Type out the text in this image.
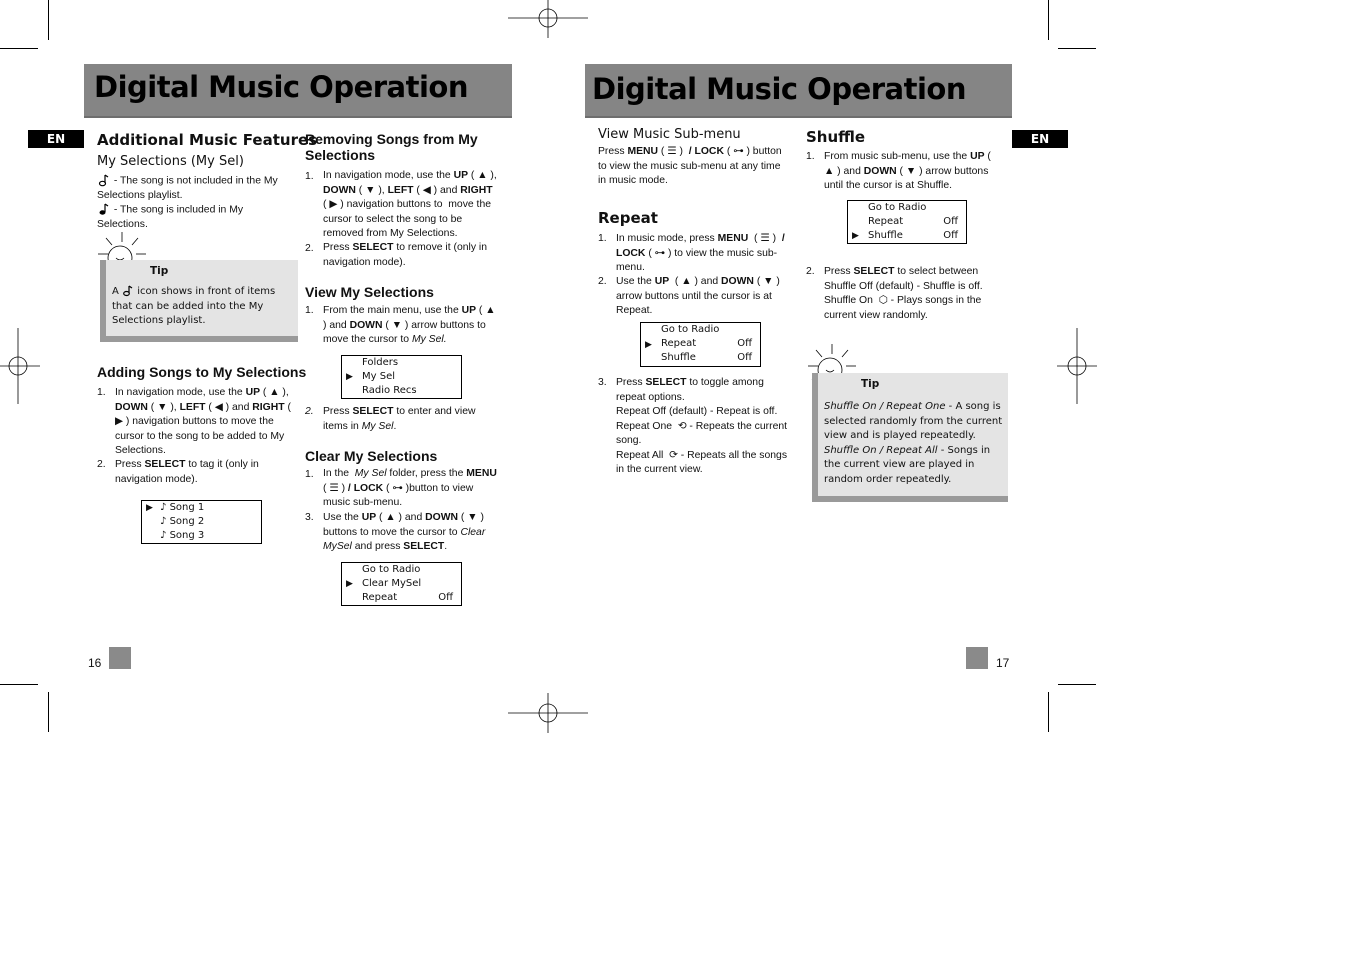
Digital Music Operation
EN	Additional Music Features
My Selections (My Sel)
- The song is not included in the My Selections playlist.
- The song is included in My Selections.
Tip
A  icon shows in front of items that can be added into the My Selections playlist.
Adding Songs to My Selections
1. In navigation mode, use the UP ( ▲ ), DOWN ( ▼ ), LEFT ( ◀ ) and RIGHT ( ▶ ) navigation buttons to move the cursor to the song to be added to My Selections.
2. Press SELECT to tag it (only in navigation mode).
▶ ♪ Song 1
♪ Song 2
♪ Song 3
Removing Songs from My Selections
1. In navigation mode, use the UP ( ▲ ), DOWN ( ▼ ), LEFT ( ◀ ) and RIGHT ( ▶ ) navigation buttons to  move the cursor to select the song to be removed from My Selections.
2. Press SELECT to remove it (only in navigation mode).
View My Selections
1. From the main menu, use the UP ( ▲ ) and DOWN ( ▼ ) arrow buttons to move the cursor to My Sel.
▶
Folders
My Sel
Radio Recs
2. Press SELECT to enter and view items in My Sel.
Clear My Selections
1. In the  My Sel folder, press the MENU ( ☰ ) / LOCK ( ⊶ )button to view music sub-menu.
3. Use the UP ( ▲ ) and DOWN ( ▼ ) buttons to move the cursor to Clear MySel and press SELECT.
▶
Go to Radio
Clear MySel
Repeat	Off
16
Digital Music Operation
EN
View Music Sub-menu
Press MENU ( ☰ )  / LOCK ( ⊶ ) button to view the music sub-menu at any time in music mode.
Repeat
1. In music mode, press MENU  ( ☰ )  / LOCK ( ⊶ ) to view the music sub-menu.
2. Use the UP  ( ▲ ) and DOWN ( ▼ ) arrow buttons until the cursor is at Repeat.
▶
Go to Radio
Repeat	Off
Shuffle	Off
3. Press SELECT to toggle among repeat options.
Repeat Off (default) - Repeat is off.
Repeat One  ⟲ - Repeats the current song.
Repeat All  ⟳ - Repeats all the songs in the current view.
Shuffle
1. From music sub-menu, use the UP ( ▲ ) and DOWN ( ▼ ) arrow buttons until the cursor is at Shuffle.
▶
Go to Radio
Repeat	Off
Shuffle	Off
2. Press SELECT to select between Shuffle Off (default) - Shuffle is off. Shuffle On  ⬡ - Plays songs in the current view randomly.
Tip
Shuffle On / Repeat One - A song is selected randomly from the current view and is played repeatedly.
Shuffle On / Repeat All - Songs in the current view are played in random order repeatedly.
17
